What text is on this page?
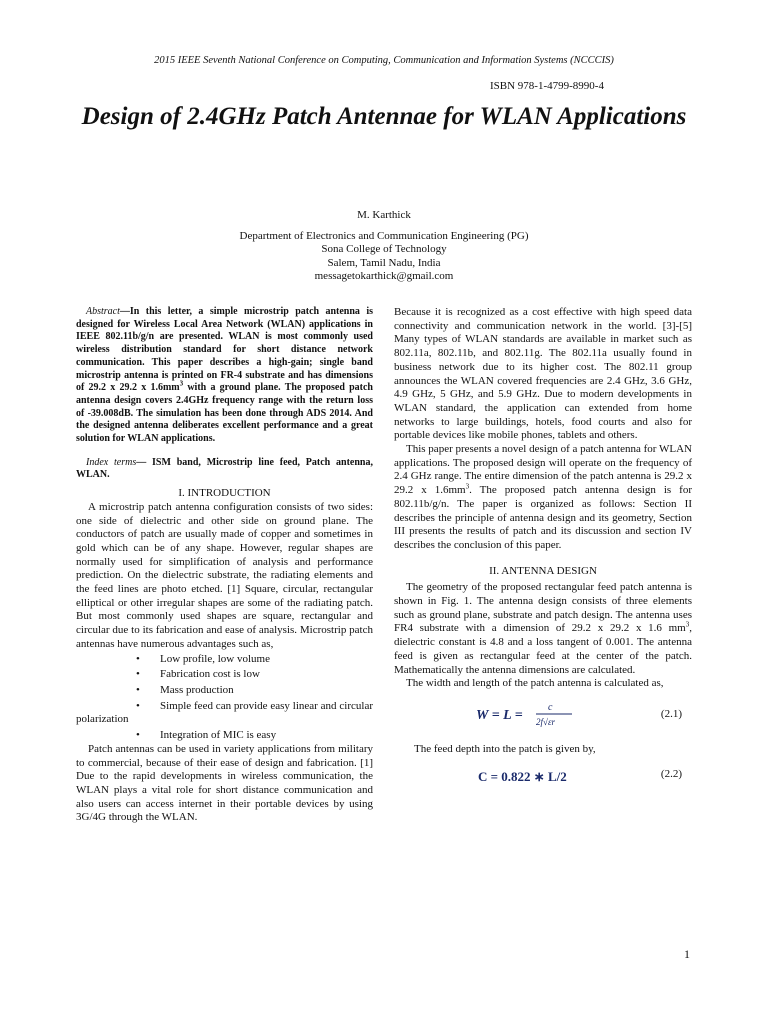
2015 IEEE Seventh National Conference on Computing, Communication and Information Systems (NCCCIS)
ISBN 978-1-4799-8990-4
Design of 2.4GHz Patch Antennae for WLAN Applications
M. Karthick
Department of Electronics and Communication Engineering (PG)
Sona College of Technology
Salem, Tamil Nadu, India
messagetokarthick@gmail.com

Abstract—In this letter, a simple microstrip patch antenna is designed for Wireless Local Area Network (WLAN) applications in IEEE 802.11b/g/n are presented. WLAN is most commonly used wireless distribution standard for short distance network communication. This paper describes a high-gain; single band microstrip antenna is printed on FR-4 substrate and has dimensions of 29.2 x 29.2 x $1.6mm^3$ with a ground plane. The proposed patch antenna design covers 2.4GHz frequency range with the return loss of -39.008dB. The simulation has been done through ADS 2014. And the designed antenna deliberates excellent performance and a great solution for WLAN applications.

Index terms— ISM band, Microstrip line feed, Patch antenna, WLAN.

I. INTRODUCTION

A microstrip patch antenna configuration consists of two sides: one side of dielectric and other side on ground plane. The conductors of patch are usually made of copper and sometimes in gold which can be of any shape. However, regular shapes are normally used for simplification of analysis and performance prediction. On the dielectric substrate, the radiating elements and the feed lines are photo etched. [1] Square, circular, rectangular elliptical or other irregular shapes are some of the radiating patch. But most commonly used shapes are square, rectangular and circular due to its fabrication and ease of analysis. Microstrip patch antennas have numerous advantages such as,

• Low profile, low volume
• Fabrication cost is low
• Mass production
• Simple feed can provide easy linear and circular polarization
• Integration of MIC is easy

Patch antennas can be used in variety applications from military to commercial, because of their ease of design and fabrication. [1] Due to the rapid developments in wireless communication, the WLAN plays a vital role for short distance communication and also users can access internet in their portable devices by using 3G/4G through the WLAN.

Because it is recognized as a cost effective with high speed data connectivity and communication network in the world. [3]-[5] Many types of WLAN standards are available in market such as 802.11a, 802.11b, and 802.11g. The 802.11a usually found in business network due to its higher cost. The 802.11 group announces the WLAN covered frequencies are 2.4 GHz, 3.6 GHz, 4.9 GHz, 5 GHz, and 5.9 GHz. Due to modern developments in WLAN standard, the application can extended from home networks to large buildings, hotels, food courts and also for portable devices like mobile phones, tablets and others.

This paper presents a novel design of a patch antenna for WLAN applications. The proposed design will operate on the frequency of 2.4 GHz range. The entire dimension of the patch antenna is 29.2 x 29.2 x $1.6mm^3$. The proposed patch antenna design is for 802.11b/g/n. The paper is organized as follows: Section II describes the principle of antenna design and its geometry, Section III presents the results of patch and its discussion and section IV describes the conclusion of this paper.

II. ANTENNA DESIGN

The geometry of the proposed rectangular feed patch antenna is shown in Fig. 1. The antenna design consists of three elements such as ground plane, substrate and patch design. The antenna uses FR4 substrate with a dimension of 29.2 x 29.2 x 1.6 $mm^3$, dielectric constant is 4.8 and a loss tangent of 0.001. The antenna feed is given as rectangular feed at the center of the patch. Mathematically the antenna dimensions are calculated.

The width and length of the patch antenna is calculated as,

W = L =
c
2f√εr
(2.1)

The feed depth into the patch is given by,

C = 0.822 ∗ L/2	(2.2)
1
